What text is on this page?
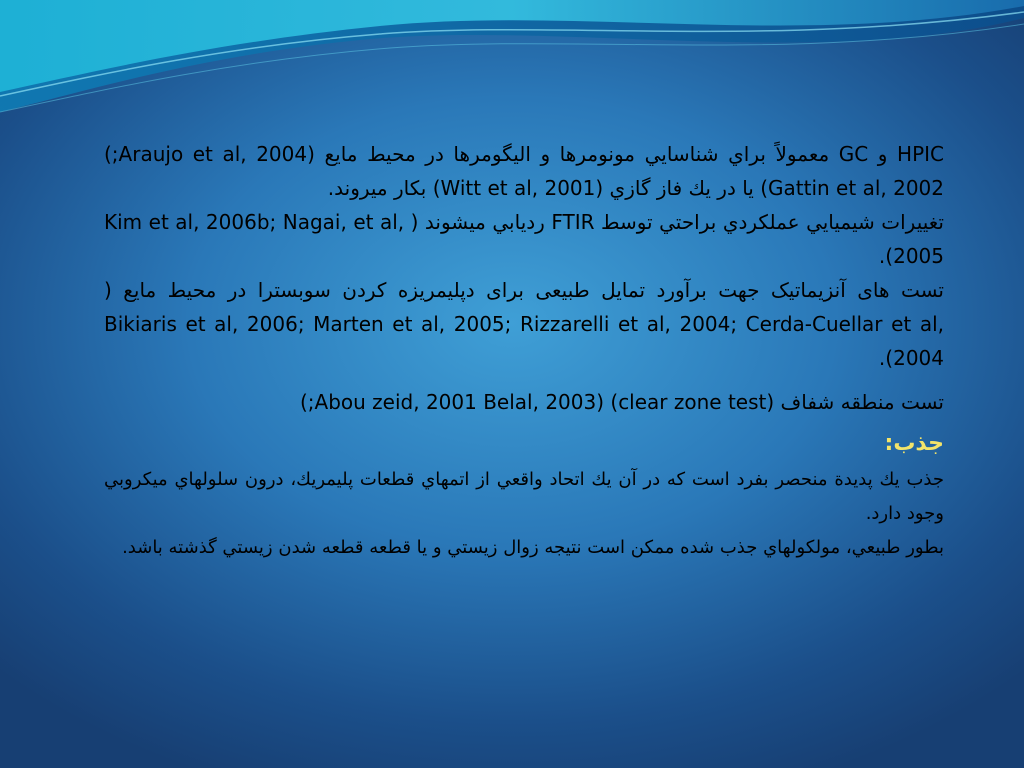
HPIC و GC معمولاً براي شناسايي مونومرها و اليگومرها در محيط مايع (Araujo et al, 2004;) Gattin et al, 2002) يا در يك فاز گازي (Witt et al, 2001) بكار ميروند.

تغييرات شيميايي عملكردي براحتي توسط FTIR رديابي ميشوند ( Kim et al, 2006b; Nagai, et al, 2005).

تست های آنزیماتیک جهت برآورد تمایل طبیعی برای دپلیمریزه کردن سوبسترا در محیط مایع ( Bikiaris et al, 2006; Marten et al, 2005; Rizzarelli et al, 2004; Cerda-Cuellar et al, 2004).

تست منطقه شفاف (clear zone test) (Abou zeid, 2001 Belal, 2003;)

جذب:

جذب يك پديدة منحصر بفرد است كه در آن يك اتحاد واقعي از اتمهاي قطعات پليمريك، درون سلولهاي ميكروبي وجود دارد.

بطور طبيعي، مولكولهاي جذب شده ممكن است نتيجه زوال زيستي و يا قطعه قطعه شدن زيستي گذشته باشد.
